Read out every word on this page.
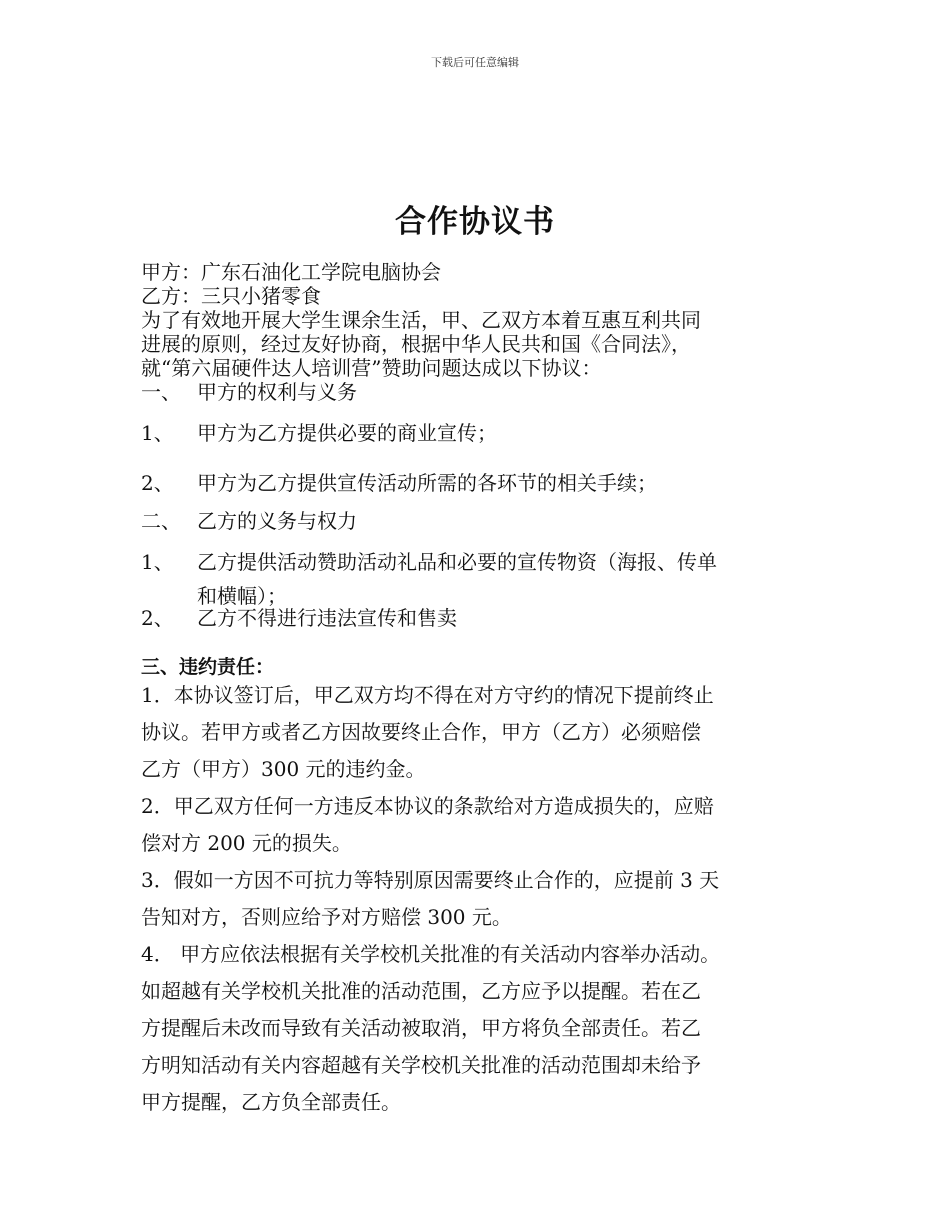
下载后可任意编辑
合作协议书
甲方：广东石油化工学院电脑协会
乙方：三只小猪零食
为了有效地开展大学生课余生活，甲、乙双方本着互惠互利共同
进展的原则，经过友好协商，根据中华人民共和国《合同法》，
就“第六届硬件达人培训营”赞助问题达成以下协议：
一、 甲方的权利与义务
1、	甲方为乙方提供必要的商业宣传；
2、	甲方为乙方提供宣传活动所需的各环节的相关手续；
二、 乙方的义务与权力
1、	乙方提供活动赞助活动礼品和必要的宣传物资（海报、传单
和横幅）；
2、	乙方不得进行违法宣传和售卖
三、违约责任：
1．本协议签订后，甲乙双方均不得在对方守约的情况下提前终止
协议。若甲方或者乙方因故要终止合作，甲方（乙方）必须赔偿
乙方（甲方）300 元的违约金。
2．甲乙双方任何一方违反本协议的条款给对方造成损失的，应赔
偿对方 200 元的损失。
3．假如一方因不可抗力等特别原因需要终止合作的，应提前 3 天
告知对方，否则应给予对方赔偿 300 元。
4． 甲方应依法根据有关学校机关批准的有关活动内容举办活动。
如超越有关学校机关批准的活动范围，乙方应予以提醒。若在乙
方提醒后未改而导致有关活动被取消，甲方将负全部责任。若乙
方明知活动有关内容超越有关学校机关批准的活动范围却未给予
甲方提醒，乙方负全部责任。
